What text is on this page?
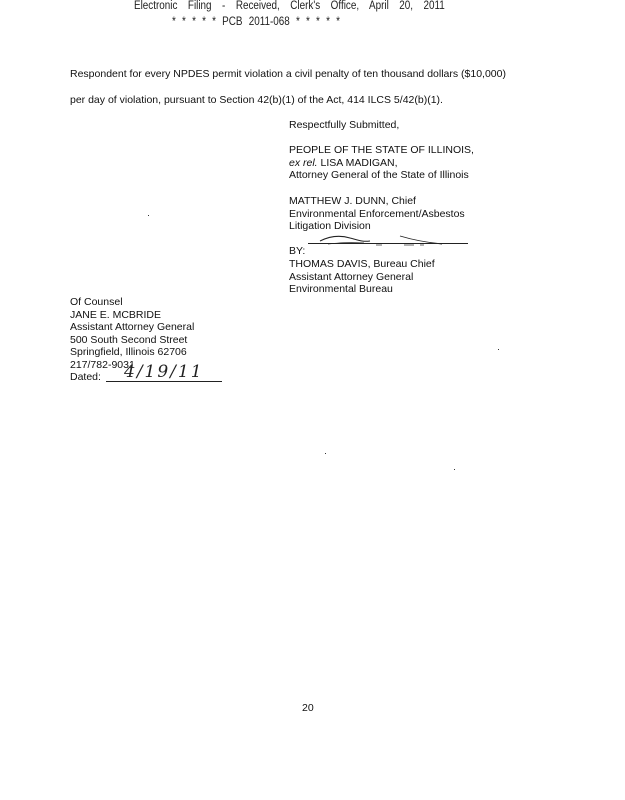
Electronic Filing - Received, Clerk's Office, April 20, 2011
* * * * * PCB 2011-068 * * * * *
Respondent for every NPDES permit violation a civil penalty of ten thousand dollars ($10,000)
per day of violation, pursuant to Section 42(b)(1) of the Act, 414 ILCS 5/42(b)(1).
Respectfully Submitted,
PEOPLE OF THE STATE OF ILLINOIS,
ex rel. LISA MADIGAN,
Attorney General of the State of Illinois
MATTHEW J. DUNN, Chief
Environmental Enforcement/Asbestos
Litigation Division
BY:
THOMAS DAVIS, Bureau Chief
Assistant Attorney General
Environmental Bureau
Of Counsel
JANE E. MCBRIDE
Assistant Attorney General
500 South Second Street
Springfield, Illinois 62706
217/782-9031
Dated: 4/19/11
20
